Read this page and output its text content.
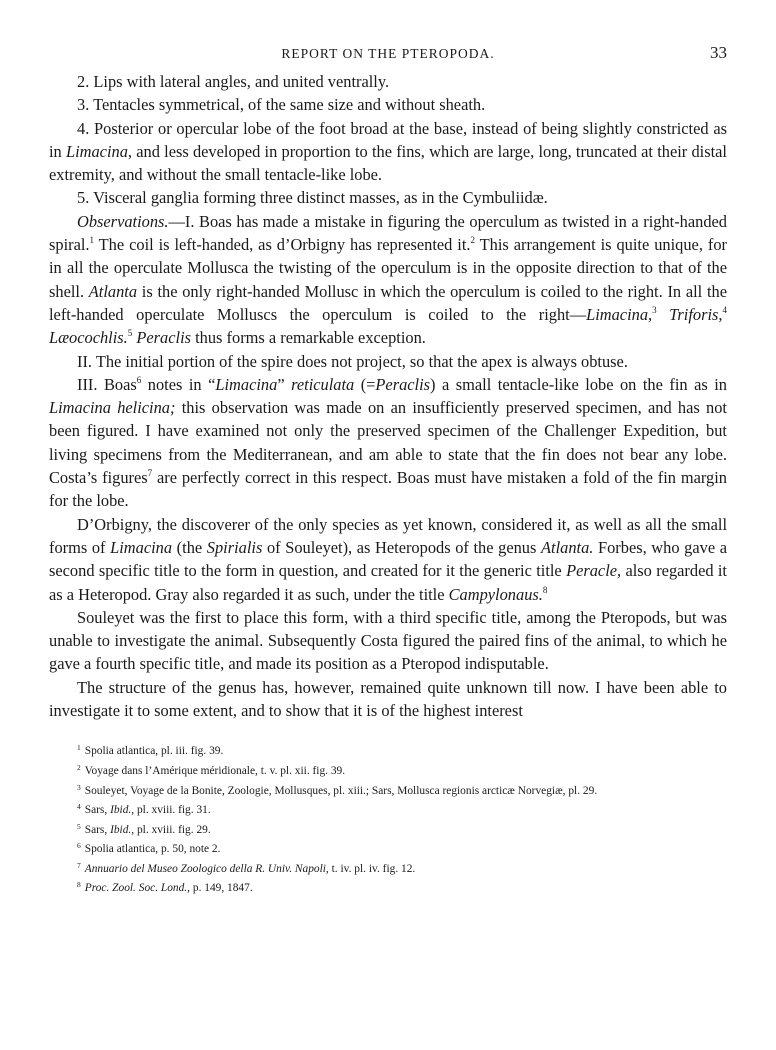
REPORT ON THE PTEROPODA.	33

2. Lips with lateral angles, and united ventrally.

3. Tentacles symmetrical, of the same size and without sheath.

4. Posterior or opercular lobe of the foot broad at the base, instead of being slightly constricted as in Limacina, and less developed in proportion to the fins, which are large, long, truncated at their distal extremity, and without the small tentacle-like lobe.

5. Visceral ganglia forming three distinct masses, as in the Cymbuliidæ.

Observations.—I. Boas has made a mistake in figuring the operculum as twisted in a right-handed spiral.$^1$ The coil is left-handed, as d’Orbigny has represented it.$^2$ This arrangement is quite unique, for in all the operculate Mollusca the twisting of the operculum is in the opposite direction to that of the shell. Atlanta is the only right-handed Mollusc in which the operculum is coiled to the right. In all the left-handed operculate Molluscs the operculum is coiled to the right—Limacina,$^3$ Triforis,$^4$ Læocochlis.$^5$ Peraclis thus forms a remarkable exception.

II. The initial portion of the spire does not project, so that the apex is always obtuse.

III. Boas$^6$ notes in “Limacina” reticulata (=Peraclis) a small tentacle-like lobe on the fin as in Limacina helicina; this observation was made on an insufficiently preserved specimen, and has not been figured. I have examined not only the preserved specimen of the Challenger Expedition, but living specimens from the Mediterranean, and am able to state that the fin does not bear any lobe. Costa’s figures$^7$ are perfectly correct in this respect. Boas must have mistaken a fold of the fin margin for the lobe.

D’Orbigny, the discoverer of the only species as yet known, considered it, as well as all the small forms of Limacina (the Spirialis of Souleyet), as Heteropods of the genus Atlanta. Forbes, who gave a second specific title to the form in question, and created for it the generic title Peracle, also regarded it as a Heteropod. Gray also regarded it as such, under the title Campylonaus.$^8$

Souleyet was the first to place this form, with a third specific title, among the Pteropods, but was unable to investigate the animal. Subsequently Costa figured the paired fins of the animal, to which he gave a fourth specific title, and made its position as a Pteropod indisputable.

The structure of the genus has, however, remained quite unknown till now. I have been able to investigate it to some extent, and to show that it is of the highest interest

$^1$ Spolia atlantica, pl. iii. fig. 39.

$^2$ Voyage dans l’Amérique méridionale, t. v. pl. xii. fig. 39.

$^3$ Souleyet, Voyage de la Bonite, Zoologie, Mollusques, pl. xiii.; Sars, Mollusca regionis arcticæ Norvegiæ, pl. 29.

$^4$ Sars, Ibid., pl. xviii. fig. 31.

$^5$ Sars, Ibid., pl. xviii. fig. 29.

$^6$ Spolia atlantica, p. 50, note 2.

$^7$ Annuario del Museo Zoologico della R. Univ. Napoli, t. iv. pl. iv. fig. 12.

$^8$ Proc. Zool. Soc. Lond., p. 149, 1847.
